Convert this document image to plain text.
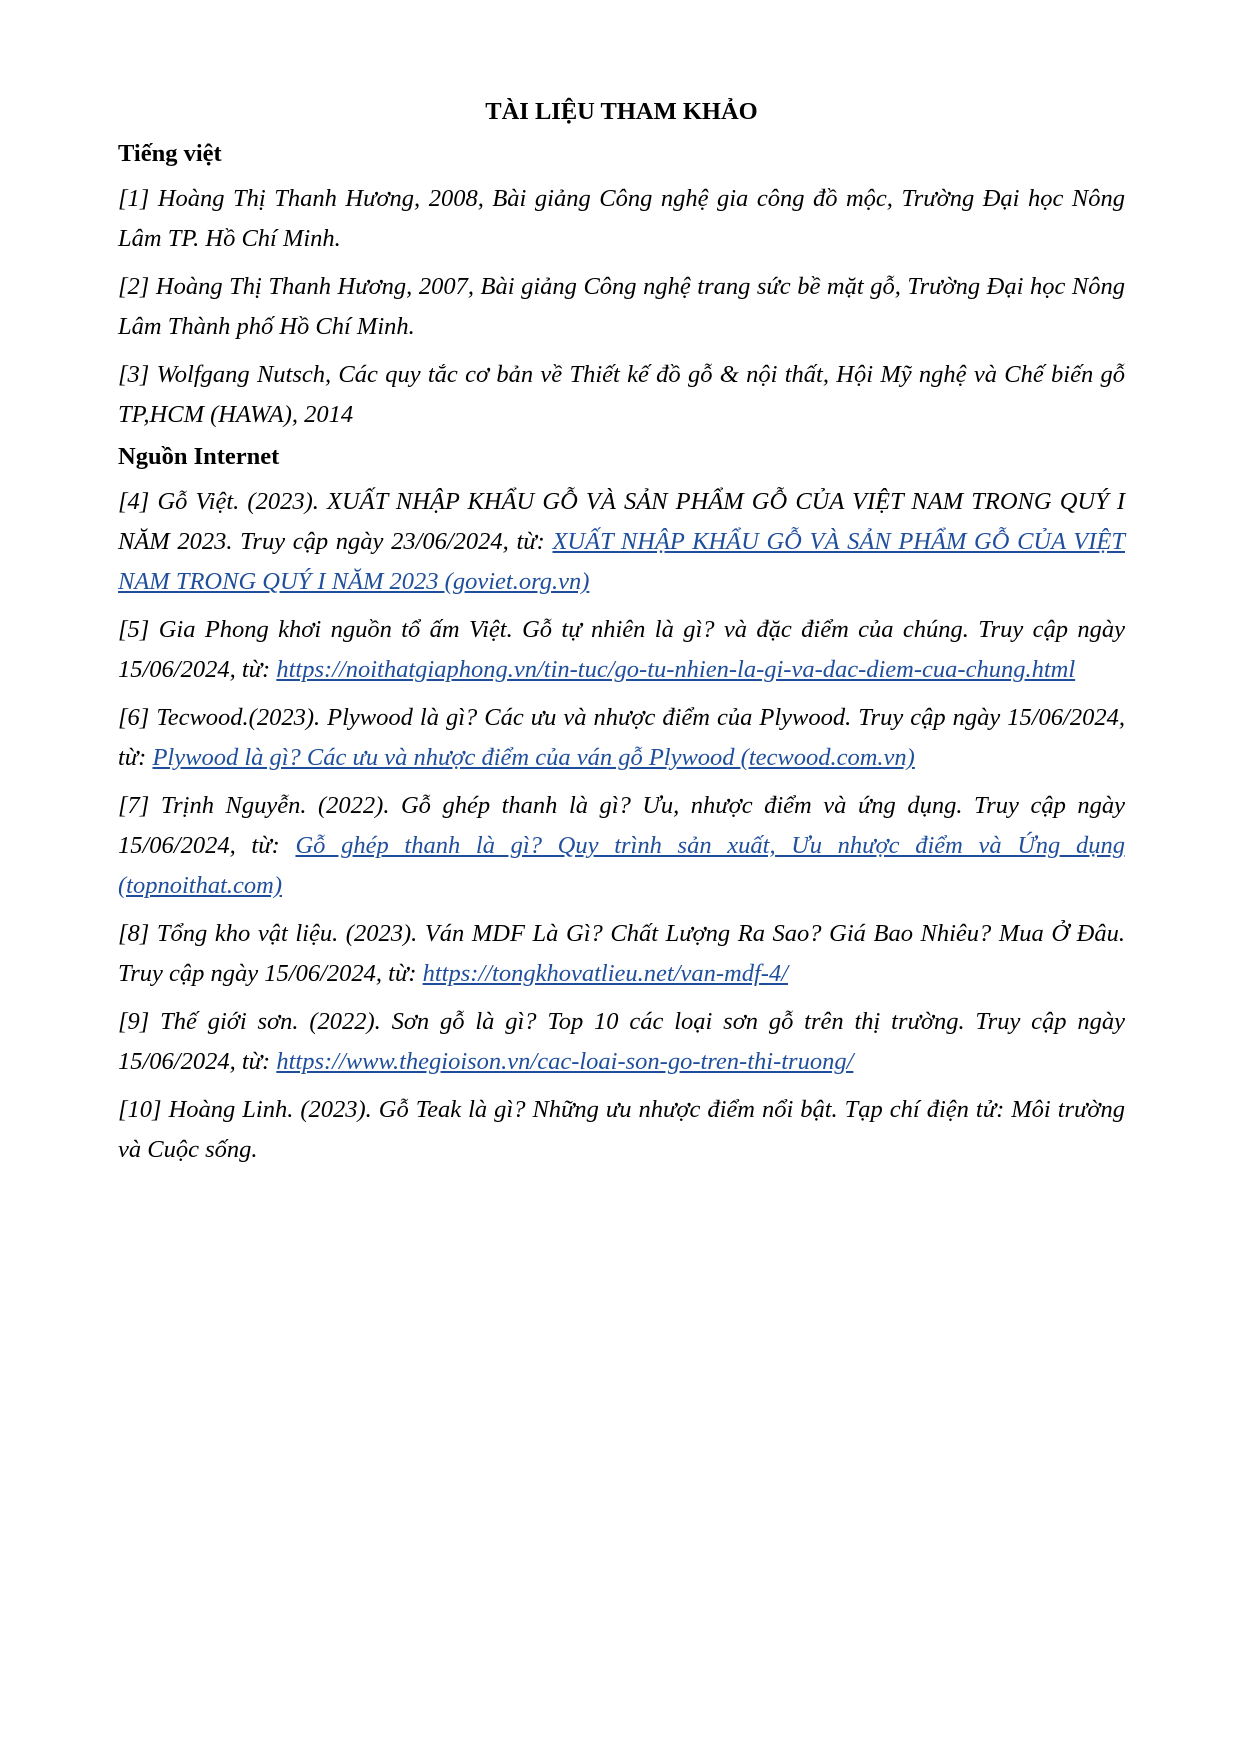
TÀI LIỆU THAM KHẢO
Tiếng việt

[1] Hoàng Thị Thanh Hương, 2008, Bài giảng Công nghệ gia công đồ mộc, Trường Đại học Nông Lâm TP. Hồ Chí Minh.

[2] Hoàng Thị Thanh Hương, 2007, Bài giảng Công nghệ trang sức bề mặt gỗ, Trường Đại học Nông Lâm Thành phố Hồ Chí Minh.

[3] Wolfgang Nutsch, Các quy tắc cơ bản về Thiết kế đồ gỗ & nội thất, Hội Mỹ nghệ và Chế biến gỗ TP,HCM (HAWA), 2014

Nguồn Internet

[4] Gỗ Việt. (2023). XUẤT NHẬP KHẨU GỖ VÀ SẢN PHẨM GỖ CỦA VIỆT NAM TRONG QUÝ I NĂM 2023. Truy cập ngày 23/06/2024, từ: XUẤT NHẬP KHẨU GỖ VÀ SẢN PHẨM GỖ CỦA VIỆT NAM TRONG QUÝ I NĂM 2023 (goviet.org.vn)

[5] Gia Phong khơi nguồn tổ ấm Việt. Gỗ tự nhiên là gì? và đặc điểm của chúng. Truy cập ngày 15/06/2024, từ: https://noithatgiaphong.vn/tin-tuc/go-tu-nhien-la-gi-va-dac-diem-cua-chung.html

[6] Tecwood.(2023). Plywood là gì? Các ưu và nhược điểm của Plywood. Truy cập ngày 15/06/2024, từ: Plywood là gì? Các ưu và nhược điểm của ván gỗ Plywood (tecwood.com.vn)

[7] Trịnh Nguyễn. (2022). Gỗ ghép thanh là gì? Ưu, nhược điểm và ứng dụng. Truy cập ngày 15/06/2024, từ: Gỗ ghép thanh là gì? Quy trình sản xuất, Ưu nhược điểm và Ứng dụng (topnoithat.com)

[8] Tổng kho vật liệu. (2023). Ván MDF Là Gì? Chất Lượng Ra Sao? Giá Bao Nhiêu? Mua Ở Đâu. Truy cập ngày 15/06/2024, từ: https://tongkhovatlieu.net/van-mdf-4/

[9] Thế giới sơn. (2022). Sơn gỗ là gì? Top 10 các loại sơn gỗ trên thị trường. Truy cập ngày 15/06/2024, từ: https://www.thegioison.vn/cac-loai-son-go-tren-thi-truong/

[10] Hoàng Linh. (2023). Gỗ Teak là gì? Những ưu nhược điểm nổi bật. Tạp chí điện tử: Môi trường và Cuộc sống.
